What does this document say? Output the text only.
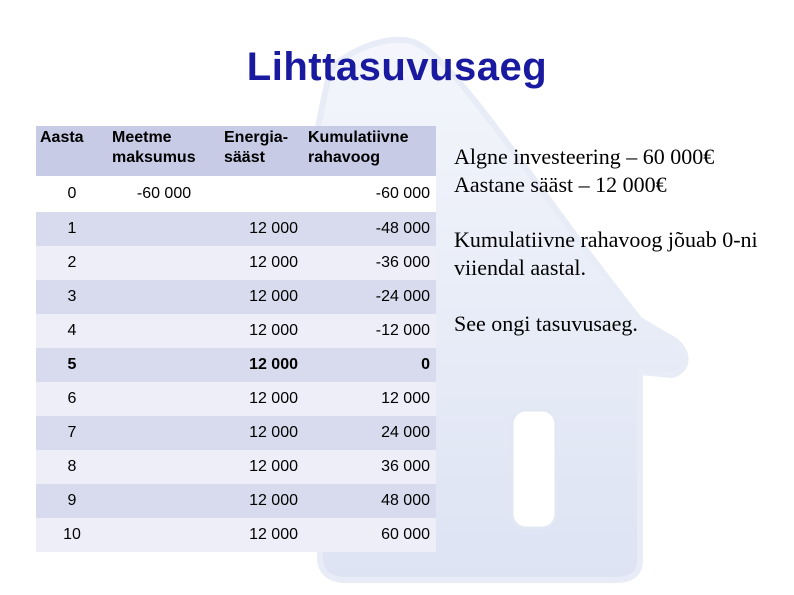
Lihttasuvusaeg
Aasta	Meetme maksumus	Energia- sääst	Kumulatiivne rahavoog
0	-60 000		-60 000
1		12 000	-48 000
2		12 000	-36 000
3		12 000	-24 000
4		12 000	-12 000
5		12 000	0
6		12 000	12 000
7		12 000	24 000
8		12 000	36 000
9		12 000	48 000
10		12 000	60 000
Algne investeering – 60 000€
Aastane sääst – 12 000€
Kumulatiivne rahavoog jõuab 0-ni viiendal aastal.
See ongi tasuvusaeg.
